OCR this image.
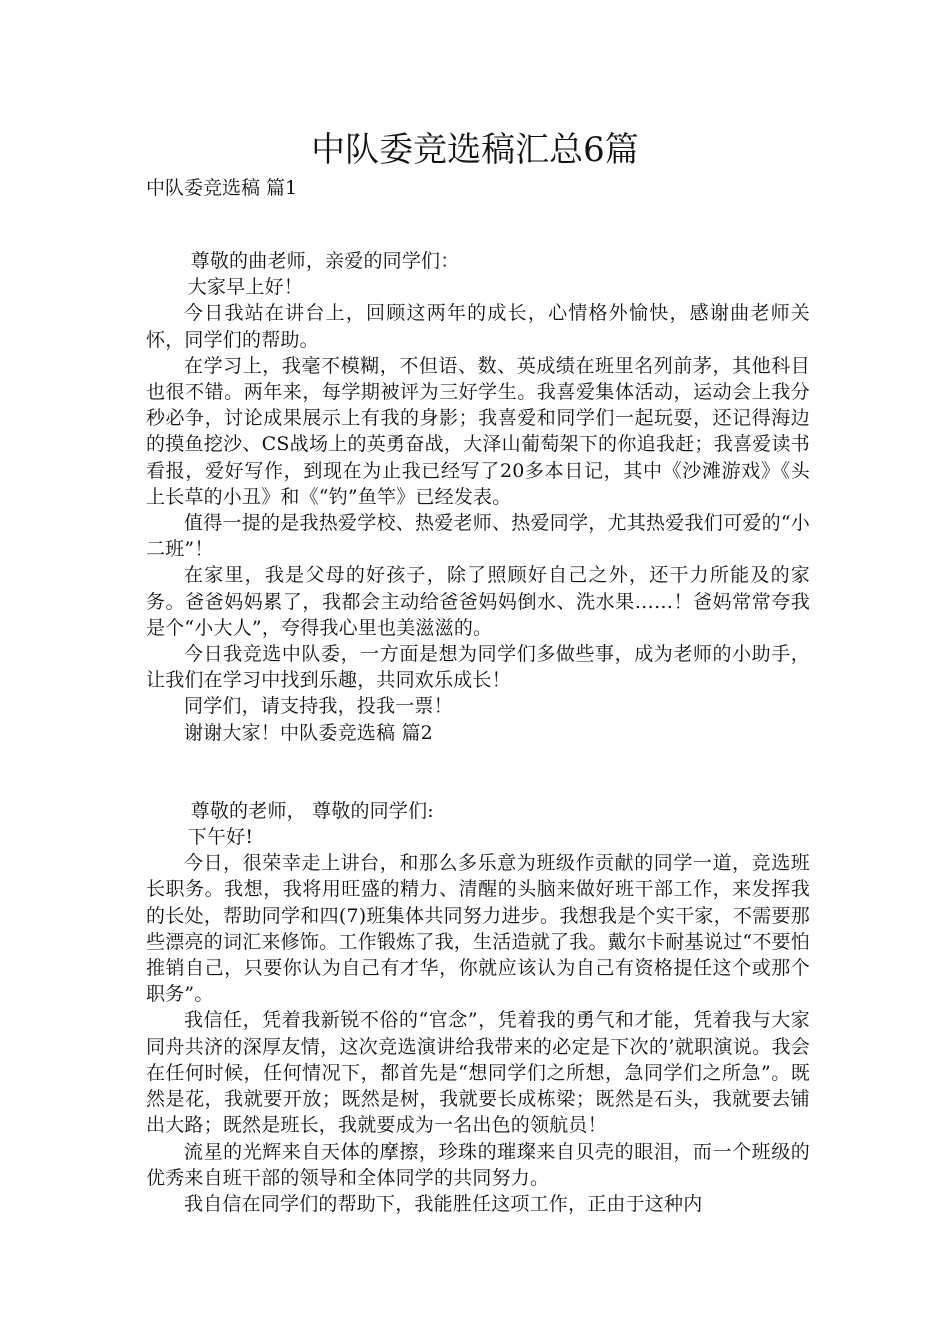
中队委竞选稿汇总6篇
中队委竞选稿 篇1

尊敬的曲老师，亲爱的同学们：

大家早上好！

今日我站在讲台上，回顾这两年的成长，心情格外愉快，感谢曲老师关怀，同学们的帮助。

在学习上，我毫不模糊，不但语、数、英成绩在班里名列前茅，其他科目也很不错。两年来，每学期被评为三好学生。我喜爱集体活动，运动会上我分秒必争，讨论成果展示上有我的身影；我喜爱和同学们一起玩耍，还记得海边的摸鱼挖沙、CS战场上的英勇奋战，大泽山葡萄架下的你追我赶；我喜爱读书看报，爱好写作，到现在为止我已经写了20多本日记，其中《沙滩游戏》《头上长草的小丑》和《“钓”鱼竿》已经发表。

值得一提的是我热爱学校、热爱老师、热爱同学，尤其热爱我们可爱的“小二班”！

在家里，我是父母的好孩子，除了照顾好自己之外，还干力所能及的家务。爸爸妈妈累了，我都会主动给爸爸妈妈倒水、洗水果……！爸妈常常夸我是个“小大人”，夸得我心里也美滋滋的。

今日我竞选中队委，一方面是想为同学们多做些事，成为老师的小助手，让我们在学习中找到乐趣，共同欢乐成长！

同学们，请支持我，投我一票！

谢谢大家！中队委竞选稿 篇2

尊敬的老师， 尊敬的同学们:

下午好!

今日，很荣幸走上讲台，和那么多乐意为班级作贡献的同学一道，竞选班长职务。我想，我将用旺盛的精力、清醒的头脑来做好班干部工作，来发挥我的长处，帮助同学和四(7)班集体共同努力进步。我想我是个实干家，不需要那些漂亮的词汇来修饰。工作锻炼了我，生活造就了我。戴尔卡耐基说过“不要怕推销自己，只要你认为自己有才华，你就应该认为自己有资格提任这个或那个职务”。

我信任，凭着我新锐不俗的“官念”，凭着我的勇气和才能，凭着我与大家同舟共济的深厚友情，这次竞选演讲给我带来的必定是下次的’就职演说。我会在任何时候，任何情况下，都首先是“想同学们之所想，急同学们之所急”。既然是花，我就要开放；既然是树，我就要长成栋梁；既然是石头，我就要去铺出大路；既然是班长，我就要成为一名出色的领航员！

流星的光辉来自天体的摩擦，珍珠的璀璨来自贝壳的眼泪，而一个班级的优秀来自班干部的领导和全体同学的共同努力。

我自信在同学们的帮助下，我能胜任这项工作，正由于这种内
